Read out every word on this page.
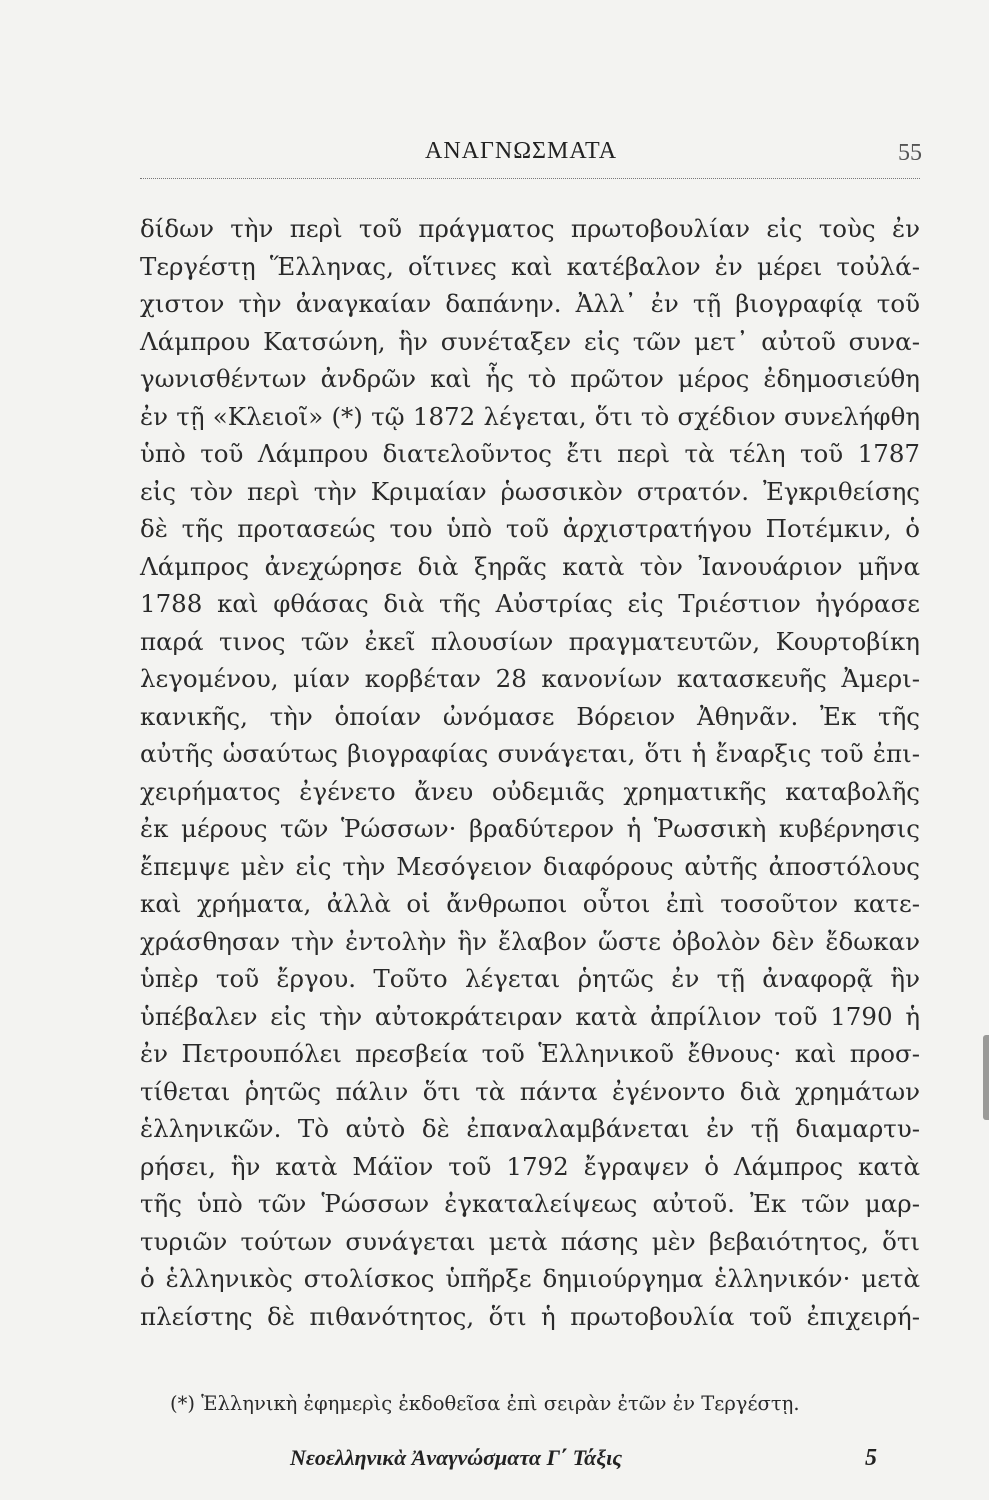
ΑΝΑΓΝΩΣΜΑΤΑ	55
δίδων τὴν περὶ τοῦ πράγματος πρωτοβουλίαν εἰς τοὺς ἐν
Τεργέστῃ Ἕλληνας, οἵτινες καὶ κατέβαλον ἐν μέρει τοὐλά-
χιστον τὴν ἀναγκαίαν δαπάνην. Ἀλλ᾽ ἐν τῇ βιογραφίᾳ τοῦ
Λάμπρου Κατσώνη, ἣν συνέταξεν εἰς τῶν μετ᾽ αὐτοῦ συνα-
γωνισθέντων ἀνδρῶν καὶ ἧς τὸ πρῶτον μέρος ἐδημοσιεύθη
ἐν τῇ «Κλειοῖ» (*) τῷ 1872 λέγεται, ὅτι τὸ σχέδιον συνελήφθη
ὑπὸ τοῦ Λάμπρου διατελοῦντος ἔτι περὶ τὰ τέλη τοῦ 1787
εἰς τὸν περὶ τὴν Κριμαίαν ῥωσσικὸν στρατόν. Ἐγκριθείσης
δὲ τῆς προτασεώς του ὑπὸ τοῦ ἀρχιστρατήγου Ποτέμκιν, ὁ
Λάμπρος ἀνεχώρησε διὰ ξηρᾶς κατὰ τὸν Ἰανουάριον μῆνα
1788 καὶ φθάσας διὰ τῆς Αὐστρίας εἰς Τριέστιον ἠγόρασε
παρά τινος τῶν ἐκεῖ πλουσίων πραγματευτῶν, Κουρτοβίκη
λεγομένου, μίαν κορβέταν 28 κανονίων κατασκευῆς Ἀμερι-
κανικῆς, τὴν ὁποίαν ὠνόμασε Βόρειον Ἀθηνᾶν. Ἐκ τῆς
αὐτῆς ὡσαύτως βιογραφίας συνάγεται, ὅτι ἡ ἔναρξις τοῦ ἐπι-
χειρήματος ἐγένετο ἄνευ οὐδεμιᾶς χρηματικῆς καταβολῆς
ἐκ μέρους τῶν Ῥώσσων· βραδύτερον ἡ Ῥωσσικὴ κυβέρνησις
ἔπεμψε μὲν εἰς τὴν Μεσόγειον διαφόρους αὐτῆς ἀποστόλους
καὶ χρήματα, ἀλλὰ οἱ ἄνθρωποι οὗτοι ἐπὶ τοσοῦτον κατε-
χράσθησαν τὴν ἐντολὴν ἣν ἔλαβον ὥστε ὀβολὸν δὲν ἔδωκαν
ὑπὲρ τοῦ ἔργου. Τοῦτο λέγεται ῥητῶς ἐν τῇ ἀναφορᾷ ἣν
ὑπέβαλεν εἰς τὴν αὐτοκράτειραν κατὰ ἀπρίλιον τοῦ 1790 ἡ
ἐν Πετρουπόλει πρεσβεία τοῦ Ἑλληνικοῦ ἔθνους· καὶ προσ-
τίθεται ῥητῶς πάλιν ὅτι τὰ πάντα ἐγένοντο διὰ χρημάτων
ἑλληνικῶν. Τὸ αὐτὸ δὲ ἐπαναλαμβάνεται ἐν τῇ διαμαρτυ-
ρήσει, ἣν κατὰ Μάϊον τοῦ 1792 ἔγραψεν ὁ Λάμπρος κατὰ
τῆς ὑπὸ τῶν Ῥώσσων ἐγκαταλείψεως αὐτοῦ. Ἐκ τῶν μαρ-
τυριῶν τούτων συνάγεται μετὰ πάσης μὲν βεβαιότητος, ὅτι
ὁ ἑλληνικὸς στολίσκος ὑπῆρξε δημιούργημα ἑλληνικόν· μετὰ
πλείστης δὲ πιθανότητος, ὅτι ἡ πρωτοβουλία τοῦ ἐπιχειρή-
(*) Ἑλληνικὴ ἐφημερὶς ἐκδοθεῖσα ἐπὶ σειρὰν ἐτῶν ἐν Τεργέστῃ.
Νεοελληνικὰ Ἀναγνώσματα Γ΄ Τάξις	5
